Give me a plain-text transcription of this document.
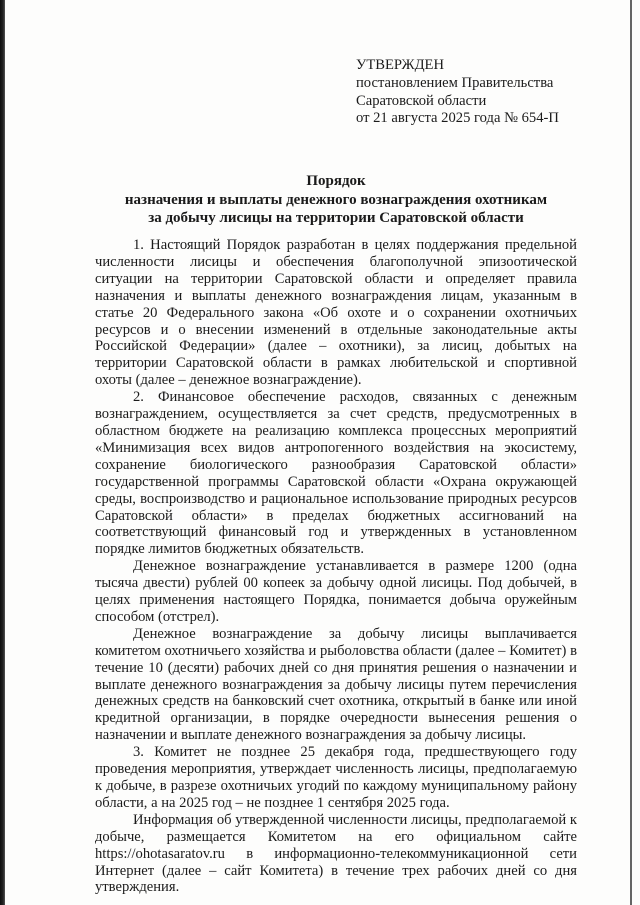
УТВЕРЖДЕН
постановлением Правительства
Саратовской области
от 21 августа 2025 года № 654-П
Порядок
назначения и выплаты денежного вознаграждения охотникам
за добычу лисицы на территории Саратовской области

1. Настоящий Порядок разработан в целях поддержания предельной численности лисицы и обеспечения благополучной эпизоотической ситуации на территории Саратовской области и определяет правила назначения и выплаты денежного вознаграждения лицам, указанным в статье 20 Федерального закона «Об охоте и о сохранении охотничьих ресурсов и о внесении изменений в отдельные законодательные акты Российской Федерации» (далее – охотники), за лисиц, добытых на территории Саратовской области в рамках любительской и спортивной охоты (далее – денежное вознаграждение).

2. Финансовое обеспечение расходов, связанных с денежным вознаграждением, осуществляется за счет средств, предусмотренных в областном бюджете на реализацию комплекса процессных мероприятий «Минимизация всех видов антропогенного воздействия на экосистему, сохранение биологического разнообразия Саратовской области» государственной программы Саратовской области «Охрана окружающей среды, воспроизводство и рациональное использование природных ресурсов Саратовской области» в пределах бюджетных ассигнований на соответствующий финансовый год и утвержденных в установленном порядке лимитов бюджетных обязательств.

Денежное вознаграждение устанавливается в размере 1200 (одна тысяча двести) рублей 00 копеек за добычу одной лисицы. Под добычей, в целях применения настоящего Порядка, понимается добыча оружейным способом (отстрел).

Денежное вознаграждение за добычу лисицы выплачивается комитетом охотничьего хозяйства и рыболовства области (далее – Комитет) в течение 10 (десяти) рабочих дней со дня принятия решения о назначении и выплате денежного вознаграждения за добычу лисицы путем перечисления денежных средств на банковский счет охотника, открытый в банке или иной кредитной организации, в порядке очередности вынесения решения о назначении и выплате денежного вознаграждения за добычу лисицы.

3. Комитет не позднее 25 декабря года, предшествующего году проведения мероприятия, утверждает численность лисицы, предполагаемую к добыче, в разрезе охотничьих угодий по каждому муниципальному району области, а на 2025 год – не позднее 1 сентября 2025 года.

Информация об утвержденной численности лисицы, предполагаемой к добыче, размещается Комитетом на его официальном сайте https://ohotasaratov.ru в информационно-телекоммуникационной сети Интернет (далее – сайт Комитета) в течение трех рабочих дней со дня утверждения.
